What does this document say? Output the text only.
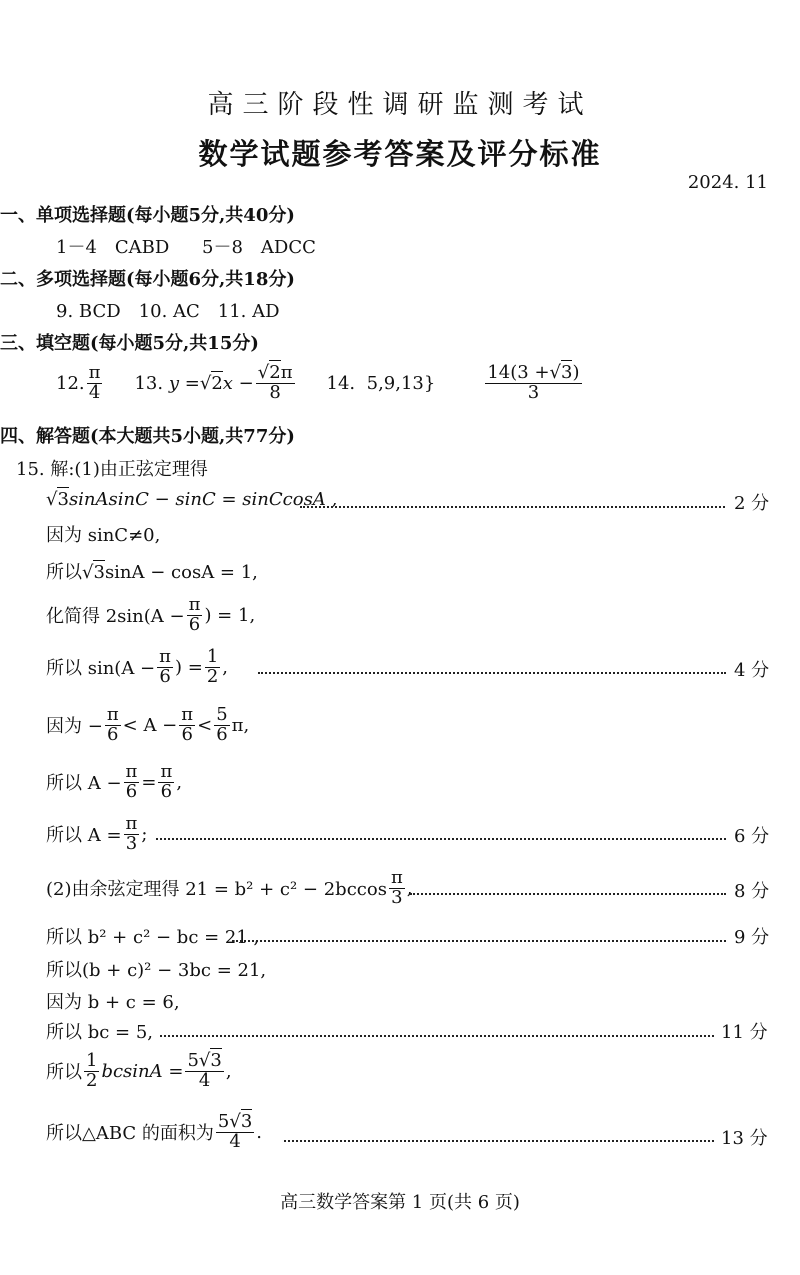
高三阶段性调研监测考试
数学试题参考答案及评分标准
2024. 11
一、单项选择题(每小题5分,共40分)
1－4　CABD 5－8　ADCC
二、多项选择题(每小题6分,共18分)
9. BCD　10. AC　11. AD
三、填空题(每小题5分,共15分)
12. $\frac{\pi}{4} 13$.
y = √2 $x - \frac{√2\pi}{8} 14$.
5,9,13}	$\frac{14(3 +√3)}{3}$
四、解答题(本大题共5小题,共77分)
15. 解:(1)由正弦定理得
√3sinAsinC − sinC = sinCcosA ,	2 分
因为 sinC≠0,
所以√3sinA − cosA = 1,
化简得 $2\sin(A - \frac{\pi}{6}$ ) = 1,
所以 $\sin(A - \frac{\pi}{6}$ ) = $\frac{1}{2}$ ,	4 分
因为 − $\frac{\pi}{6} < A - \frac{\pi}{6} < \frac{5}{6} \pi$,
所以 $A - \frac{\pi}{6} = \frac{\pi}{6}$ ,
所以 $A = \frac{\pi}{3}$ ;	6 分
(2)由余弦定理得 $21 = b^2 + c^2 - 2bccos \frac{\pi}{3}$ ,	8 分
所以 b² + c² − bc = 21 ,	9 分
所以(b + c)² − 3bc = 21,
因为 b + c = 6,
所以 bc = 5,	11 分
所以 $\frac{1}{2}$ $bcsinA = \frac{5√3}{4}$ ,
所以△ABC 的面积为 $\frac{5√3}{4}$ .	13 分
高三数学答案第 1 页(共 6 页)
